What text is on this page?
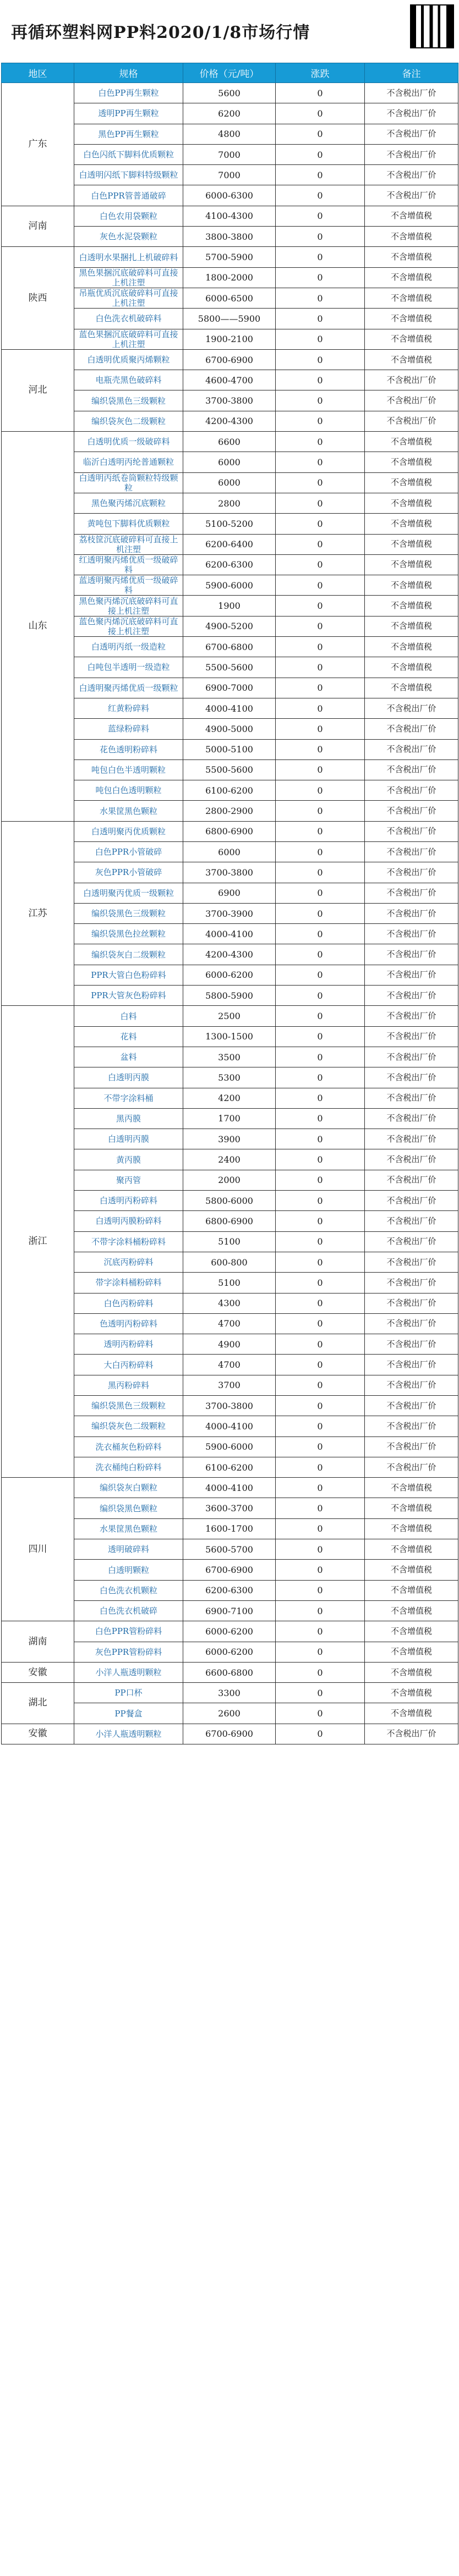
再循环塑料网PP料2020/1/8市场行情
地区	规格	价格（元/吨）	涨跌	备注
广东	白色PP再生颗粒	5600	0	不含税出厂价
	透明PP再生颗粒	6200	0	不含税出厂价
	黑色PP再生颗粒	4800	0	不含税出厂价
	白色闪纸下脚料优质颗粒	7000	0	不含税出厂价
	白透明闪纸下脚料特级颗粒	7000	0	不含税出厂价
	白色PPR管普通破碎	6000-6300	0	不含税出厂价
河南	白色农用袋颗粒	4100-4300	0	不含增值税
	灰色水泥袋颗粒	3800-3800	0	不含增值税
陕西	白透明水果捆扎上机破碎料	5700-5900	0	不含增值税
	黑色果捆沉底破碎料可直接上机注塑	1800-2000	0	不含增值税
	吊瓶优质沉底破碎料可直接上机注塑	6000-6500	0	不含增值税
	白色洗衣机破碎料	5800——5900	0	不含增值税
	蓝色果捆沉底破碎料可直接上机注塑	1900-2100	0	不含增值税
河北	白透明优质聚丙烯颗粒	6700-6900	0	不含增值税
	电瓶壳黑色破碎料	4600-4700	0	不含税出厂价
	编织袋黑色三级颗粒	3700-3800	0	不含税出厂价
	编织袋灰色二级颗粒	4200-4300	0	不含税出厂价
山东	白透明优质一级破碎料	6600	0	不含增值税
	临沂白透明丙纶普通颗粒	6000	0	不含增值税
	白透明丙纸卷筒颗粒特级颗粒	6000	0	不含增值税
	黑色聚丙烯沉底颗粒	2800	0	不含增值税
	黄吨包下脚料优质颗粒	5100-5200	0	不含增值税
	荔枝筐沉底破碎料可直接上机注塑	6200-6400	0	不含增值税
	红透明聚丙烯优质一级破碎料	6200-6300	0	不含增值税
	蓝透明聚丙烯优质一级破碎料	5900-6000	0	不含增值税
	黑色聚丙烯沉底破碎料可直接上机注塑	1900	0	不含增值税
	蓝色聚丙烯沉底破碎料可直接上机注塑	4900-5200	0	不含增值税
	白透明丙纸一级造粒	6700-6800	0	不含增值税
	白吨包半透明一级造粒	5500-5600	0	不含增值税
	白透明聚丙烯优质一级颗粒	6900-7000	0	不含增值税
	红黄粉碎料	4000-4100	0	不含税出厂价
	蓝绿粉碎料	4900-5000	0	不含税出厂价
	花色透明粉碎料	5000-5100	0	不含税出厂价
	吨包白色半透明颗粒	5500-5600	0	不含税出厂价
	吨包白色透明颗粒	6100-6200	0	不含税出厂价
	水果筐黑色颗粒	2800-2900	0	不含税出厂价
江苏	白透明聚丙优质颗粒	6800-6900	0	不含税出厂价
	白色PPR小管破碎	6000	0	不含税出厂价
	灰色PPR小管破碎	3700-3800	0	不含税出厂价
	白透明聚丙优质一级颗粒	6900	0	不含税出厂价
	编织袋黑色三级颗粒	3700-3900	0	不含税出厂价
	编织袋黑色拉丝颗粒	4000-4100	0	不含税出厂价
	编织袋灰白二级颗粒	4200-4300	0	不含税出厂价
	PPR大管白色粉碎料	6000-6200	0	不含税出厂价
	PPR大管灰色粉碎料	5800-5900	0	不含税出厂价
浙江	白料	2500	0	不含税出厂价
	花料	1300-1500	0	不含税出厂价
	盆料	3500	0	不含税出厂价
	白透明丙膜	5300	0	不含税出厂价
	不带字涂料桶	4200	0	不含税出厂价
	黑丙膜	1700	0	不含税出厂价
	白透明丙膜	3900	0	不含税出厂价
	黄丙膜	2400	0	不含税出厂价
	聚丙管	2000	0	不含税出厂价
	白透明丙粉碎料	5800-6000	0	不含税出厂价
	白透明丙膜粉碎料	6800-6900	0	不含税出厂价
	不带字涂料桶粉碎料	5100	0	不含税出厂价
	沉底丙粉碎料	600-800	0	不含税出厂价
	带字涂料桶粉碎料	5100	0	不含税出厂价
	白色丙粉碎料	4300	0	不含税出厂价
	色透明丙粉碎料	4700	0	不含税出厂价
	透明丙粉碎料	4900	0	不含税出厂价
	大白丙粉碎料	4700	0	不含税出厂价
	黑丙粉碎料	3700	0	不含税出厂价
	编织袋黑色三级颗粒	3700-3800	0	不含税出厂价
	编织袋灰色二级颗粒	4000-4100	0	不含税出厂价
	洗衣桶灰色粉碎料	5900-6000	0	不含税出厂价
	洗衣桶纯白粉碎料	6100-6200	0	不含税出厂价
四川	编织袋灰白颗粒	4000-4100	0	不含增值税
	编织袋黑色颗粒	3600-3700	0	不含增值税
	水果筐黑色颗粒	1600-1700	0	不含增值税
	透明破碎料	5600-5700	0	不含增值税
	白透明颗粒	6700-6900	0	不含增值税
	白色洗衣机颗粒	6200-6300	0	不含增值税
	白色洗衣机破碎	6900-7100	0	不含增值税
湖南	白色PPR管粉碎料	6000-6200	0	不含增值税
	灰色PPR管粉碎料	6000-6200	0	不含增值税
安徽	小洋人瓶透明颗粒	6600-6800	0	不含增值税
湖北	PP口杯	3300	0	不含增值税
	PP餐盒	2600	0	不含增值税
安徽	小洋人瓶透明颗粒	6700-6900	0	不含税出厂价
